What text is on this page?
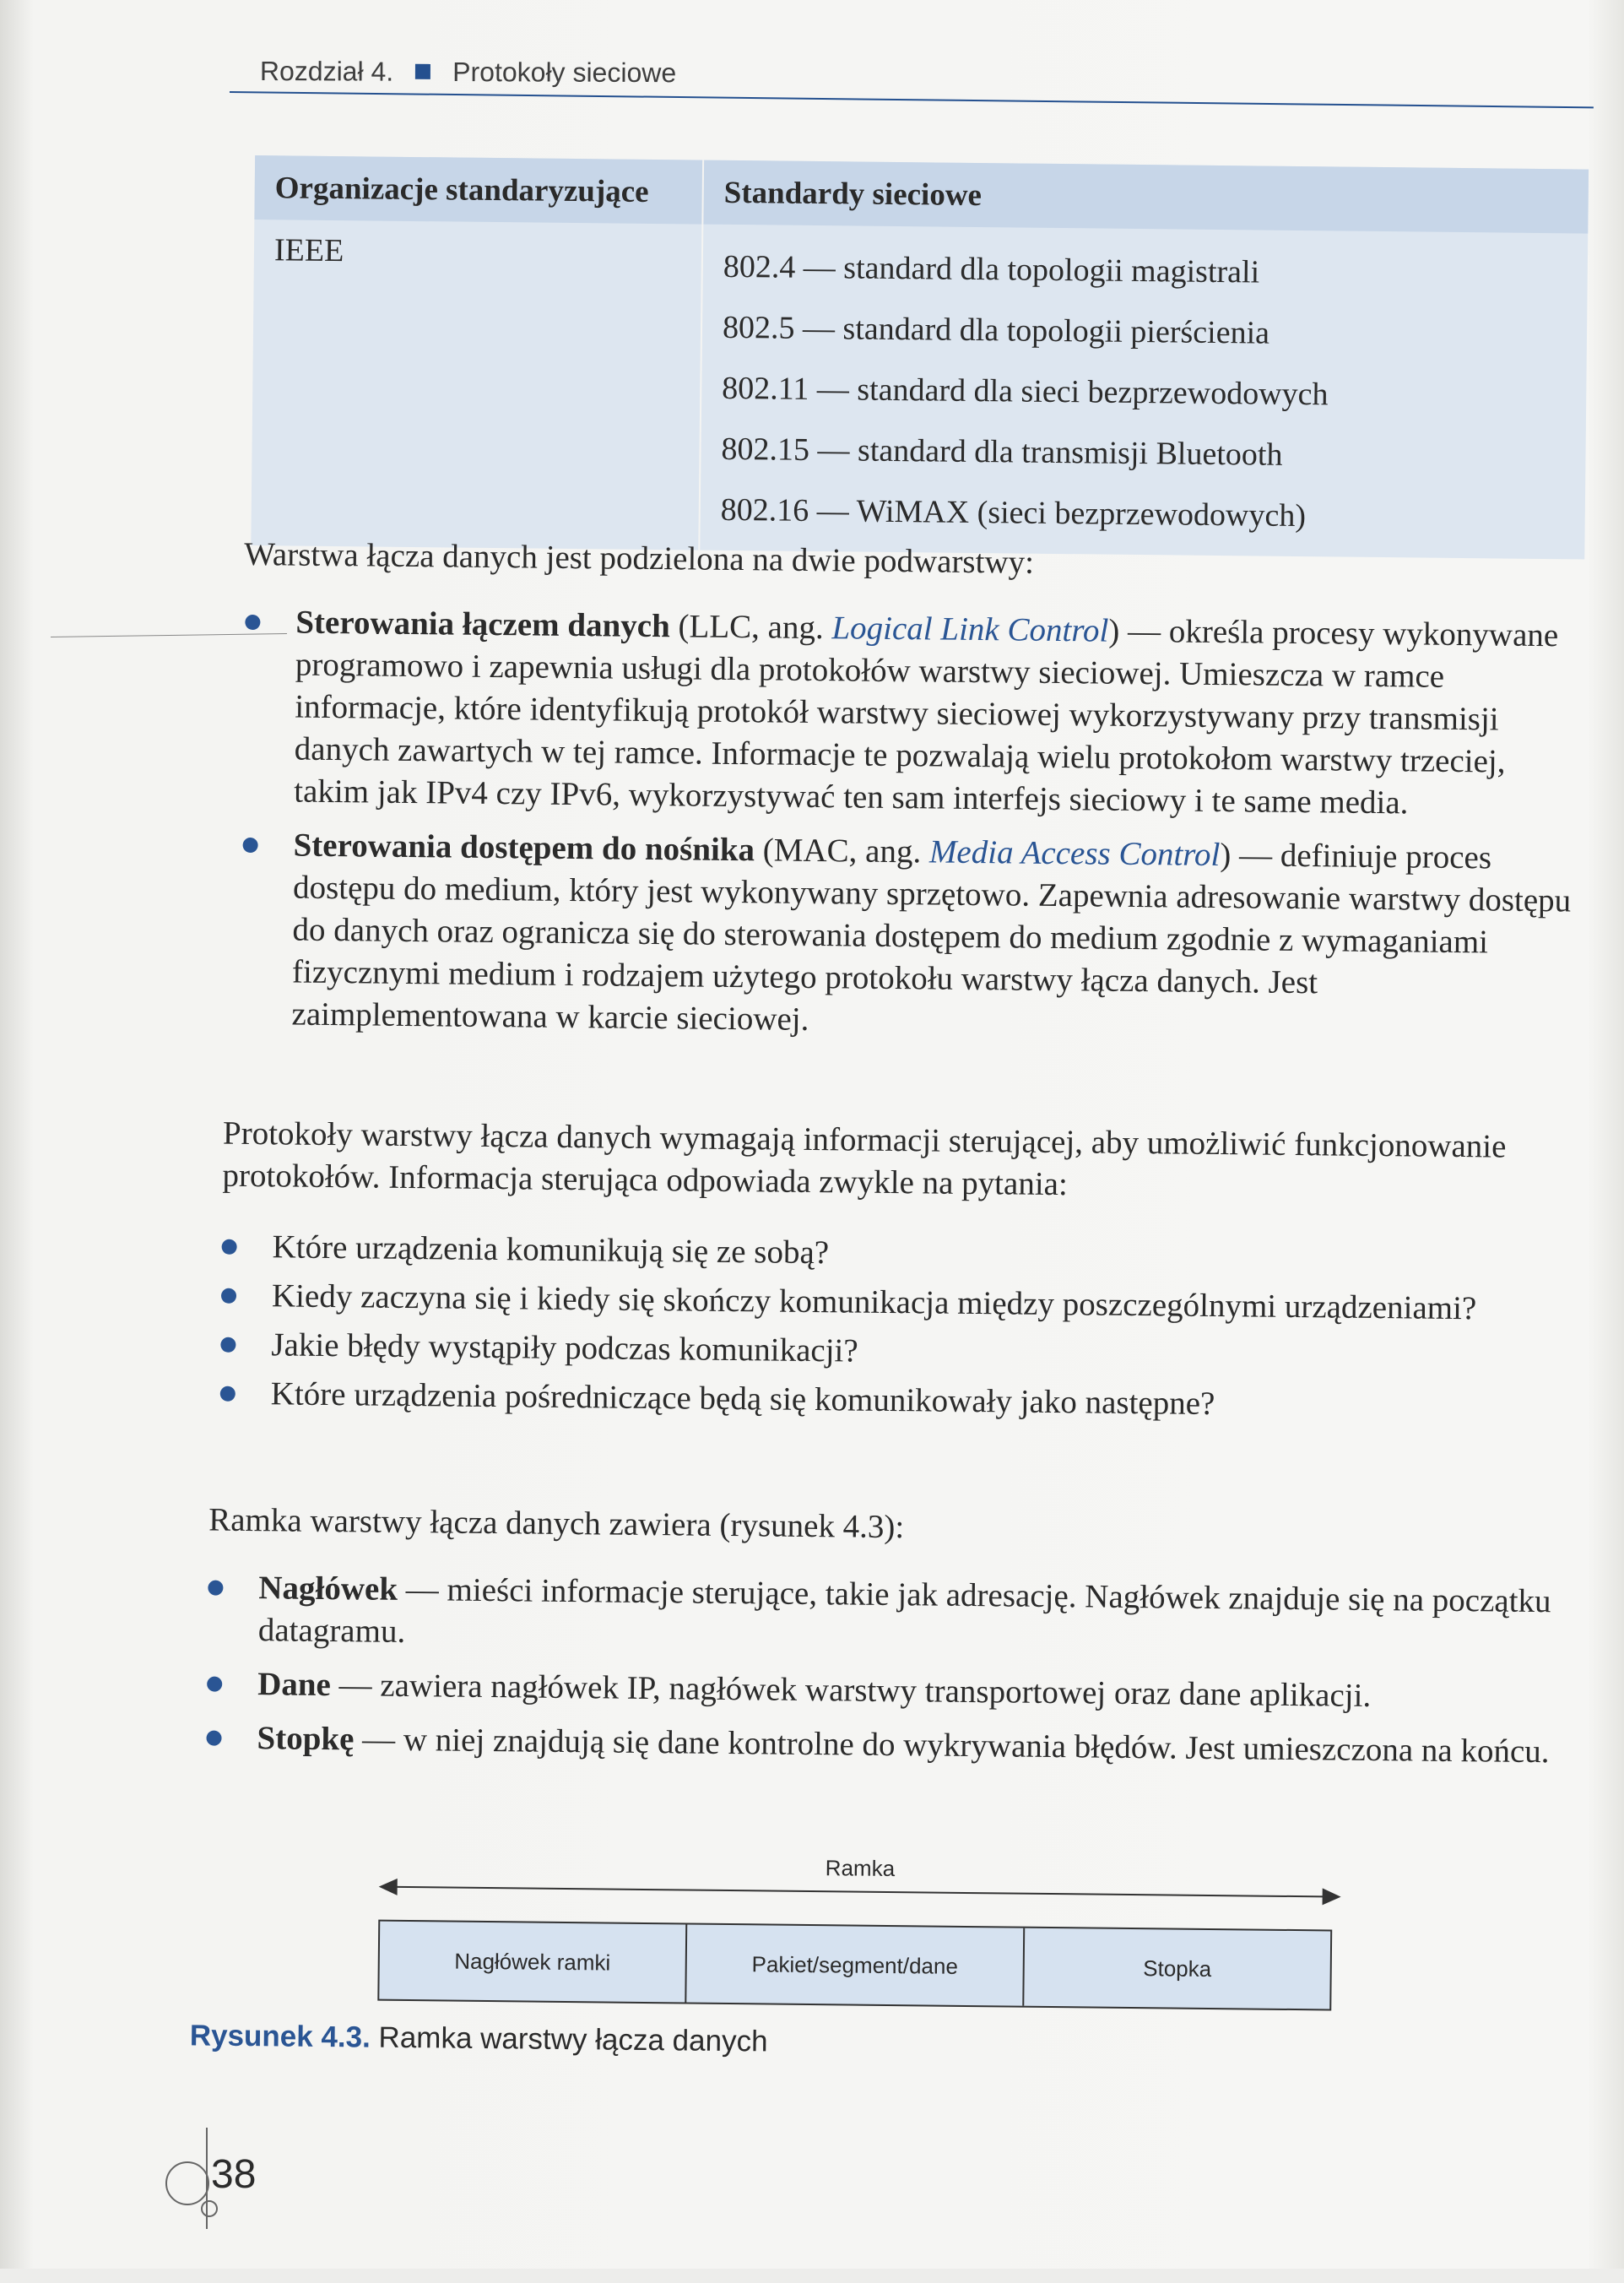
Rozdział 4. Protokoły sieciowe
Organizacje standaryzujące	Standardy sieciowe
IEEE	802.4 — standard dla topologii magistrali
802.5 — standard dla topologii pierścienia
802.11 — standard dla sieci bezprzewodowych
802.15 — standard dla transmisji Bluetooth
802.16 — WiMAX (sieci bezprzewodowych)
Warstwa łącza danych jest podzielona na dwie podwarstwy:
Sterowania łączem danych (LLC, ang. Logical Link Control) — określa procesy wykonywane programowo i zapewnia usługi dla protokołów warstwy sieciowej. Umieszcza w ramce informacje, które identyfikują protokół warstwy sieciowej wykorzystywany przy transmisji danych zawartych w tej ramce. Informacje te pozwalają wielu protokołom warstwy trzeciej, takim jak IPv4 czy IPv6, wykorzystywać ten sam interfejs sieciowy i te same media.
Sterowania dostępem do nośnika (MAC, ang. Media Access Control) — definiuje proces dostępu do medium, który jest wykonywany sprzętowo. Zapewnia adresowanie warstwy dostępu do danych oraz ogranicza się do sterowania dostępem do medium zgodnie z wymaganiami fizycznymi medium i rodzajem użytego protokołu warstwy łącza danych. Jest zaimplementowana w karcie sieciowej.
Protokoły warstwy łącza danych wymagają informacji sterującej, aby umożliwić funkcjonowanie protokołów. Informacja sterująca odpowiada zwykle na pytania:
Które urządzenia komunikują się ze sobą?
Kiedy zaczyna się i kiedy się skończy komunikacja między poszczególnymi urządzeniami?
Jakie błędy wystąpiły podczas komunikacji?
Które urządzenia pośredniczące będą się komunikowały jako następne?
Ramka warstwy łącza danych zawiera (rysunek 4.3):
Nagłówek — mieści informacje sterujące, takie jak adresację. Nagłówek znajduje się na początku datagramu.
Dane — zawiera nagłówek IP, nagłówek warstwy transportowej oraz dane aplikacji.
Stopkę — w niej znajdują się dane kontrolne do wykrywania błędów. Jest umieszczona na końcu.
Ramka
Nagłówek ramki	Pakiet/segment/dane	Stopka
Rysunek 4.3. Ramka warstwy łącza danych
38
